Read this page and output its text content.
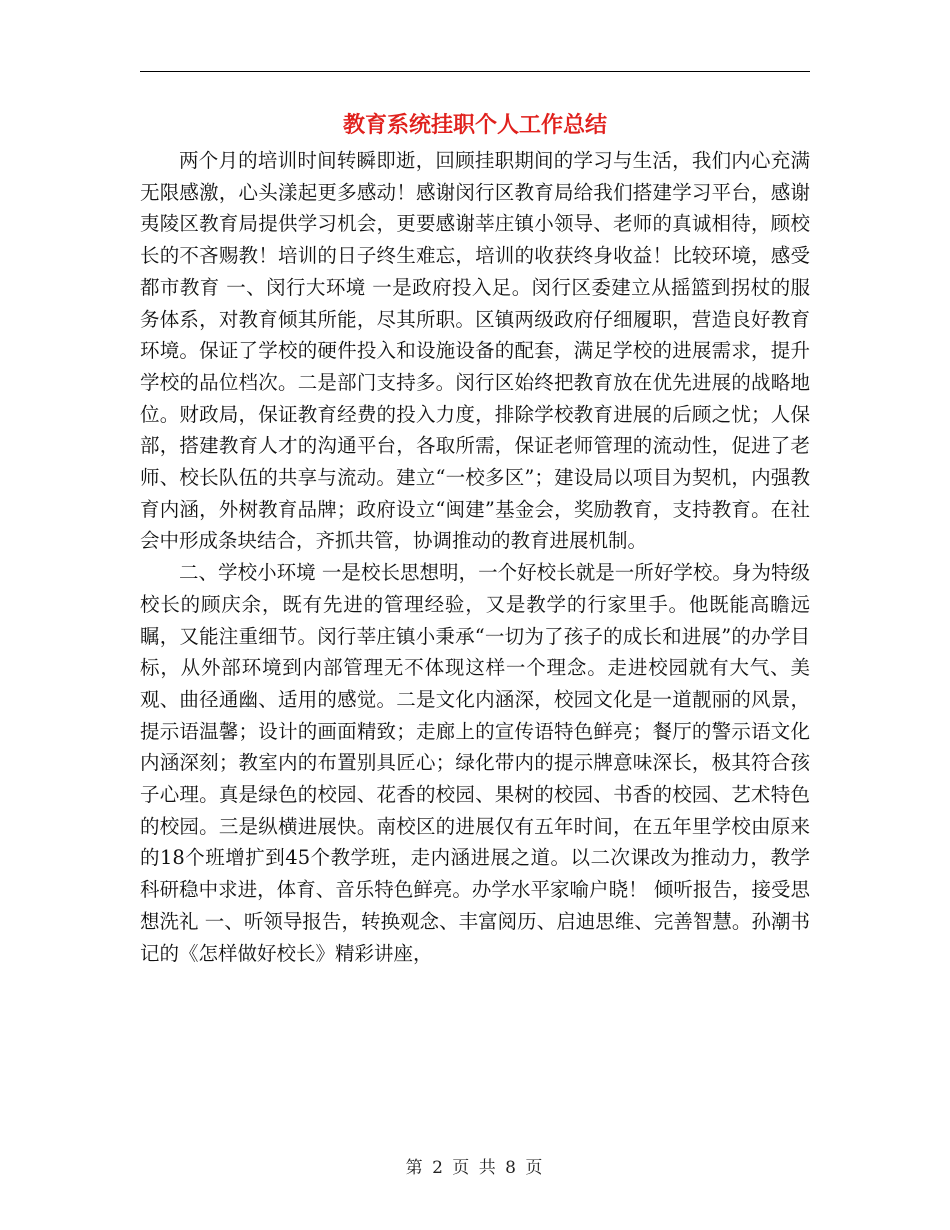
教育系统挂职个人工作总结

两个月的培训时间转瞬即逝，回顾挂职期间的学习与生活，我们内心充满无限感激，心头漾起更多感动！感谢闵行区教育局给我们搭建学习平台，感谢夷陵区教育局提供学习机会，更要感谢莘庄镇小领导、老师的真诚相待，顾校长的不吝赐教！培训的日子终生难忘，培训的收获终身收益！比较环境，感受都市教育 一、闵行大环境 一是政府投入足。闵行区委建立从摇篮到拐杖的服务体系，对教育倾其所能，尽其所职。区镇两级政府仔细履职，营造良好教育环境。保证了学校的硬件投入和设施设备的配套，满足学校的进展需求，提升学校的品位档次。二是部门支持多。闵行区始终把教育放在优先进展的战略地位。财政局，保证教育经费的投入力度，排除学校教育进展的后顾之忧；人保部，搭建教育人才的沟通平台，各取所需，保证老师管理的流动性，促进了老师、校长队伍的共享与流动。建立“一校多区”；建设局以项目为契机，内强教育内涵，外树教育品牌；政府设立“闽建”基金会，奖励教育，支持教育。在社会中形成条块结合，齐抓共管，协调推动的教育进展机制。

二、学校小环境 一是校长思想明，一个好校长就是一所好学校。身为特级校长的顾庆余，既有先进的管理经验，又是教学的行家里手。他既能高瞻远瞩，又能注重细节。闵行莘庄镇小秉承“一切为了孩子的成长和进展”的办学目标，从外部环境到内部管理无不体现这样一个理念。走进校园就有大气、美观、曲径通幽、适用的感觉。二是文化内涵深，校园文化是一道靓丽的风景，提示语温馨；设计的画面精致；走廊上的宣传语特色鲜亮；餐厅的警示语文化内涵深刻；教室内的布置别具匠心；绿化带内的提示牌意味深长，极其符合孩子心理。真是绿色的校园、花香的校园、果树的校园、书香的校园、艺术特色的校园。三是纵横进展快。南校区的进展仅有五年时间，在五年里学校由原来的18个班增扩到45个教学班，走内涵进展之道。以二次课改为推动力，教学科研稳中求进，体育、音乐特色鲜亮。办学水平家喻户晓！ 倾听报告，接受思想洗礼 一、听领导报告，转换观念、丰富阅历、启迪思维、完善智慧。孙潮书记的《怎样做好校长》精彩讲座，

第 2 页 共 8 页
